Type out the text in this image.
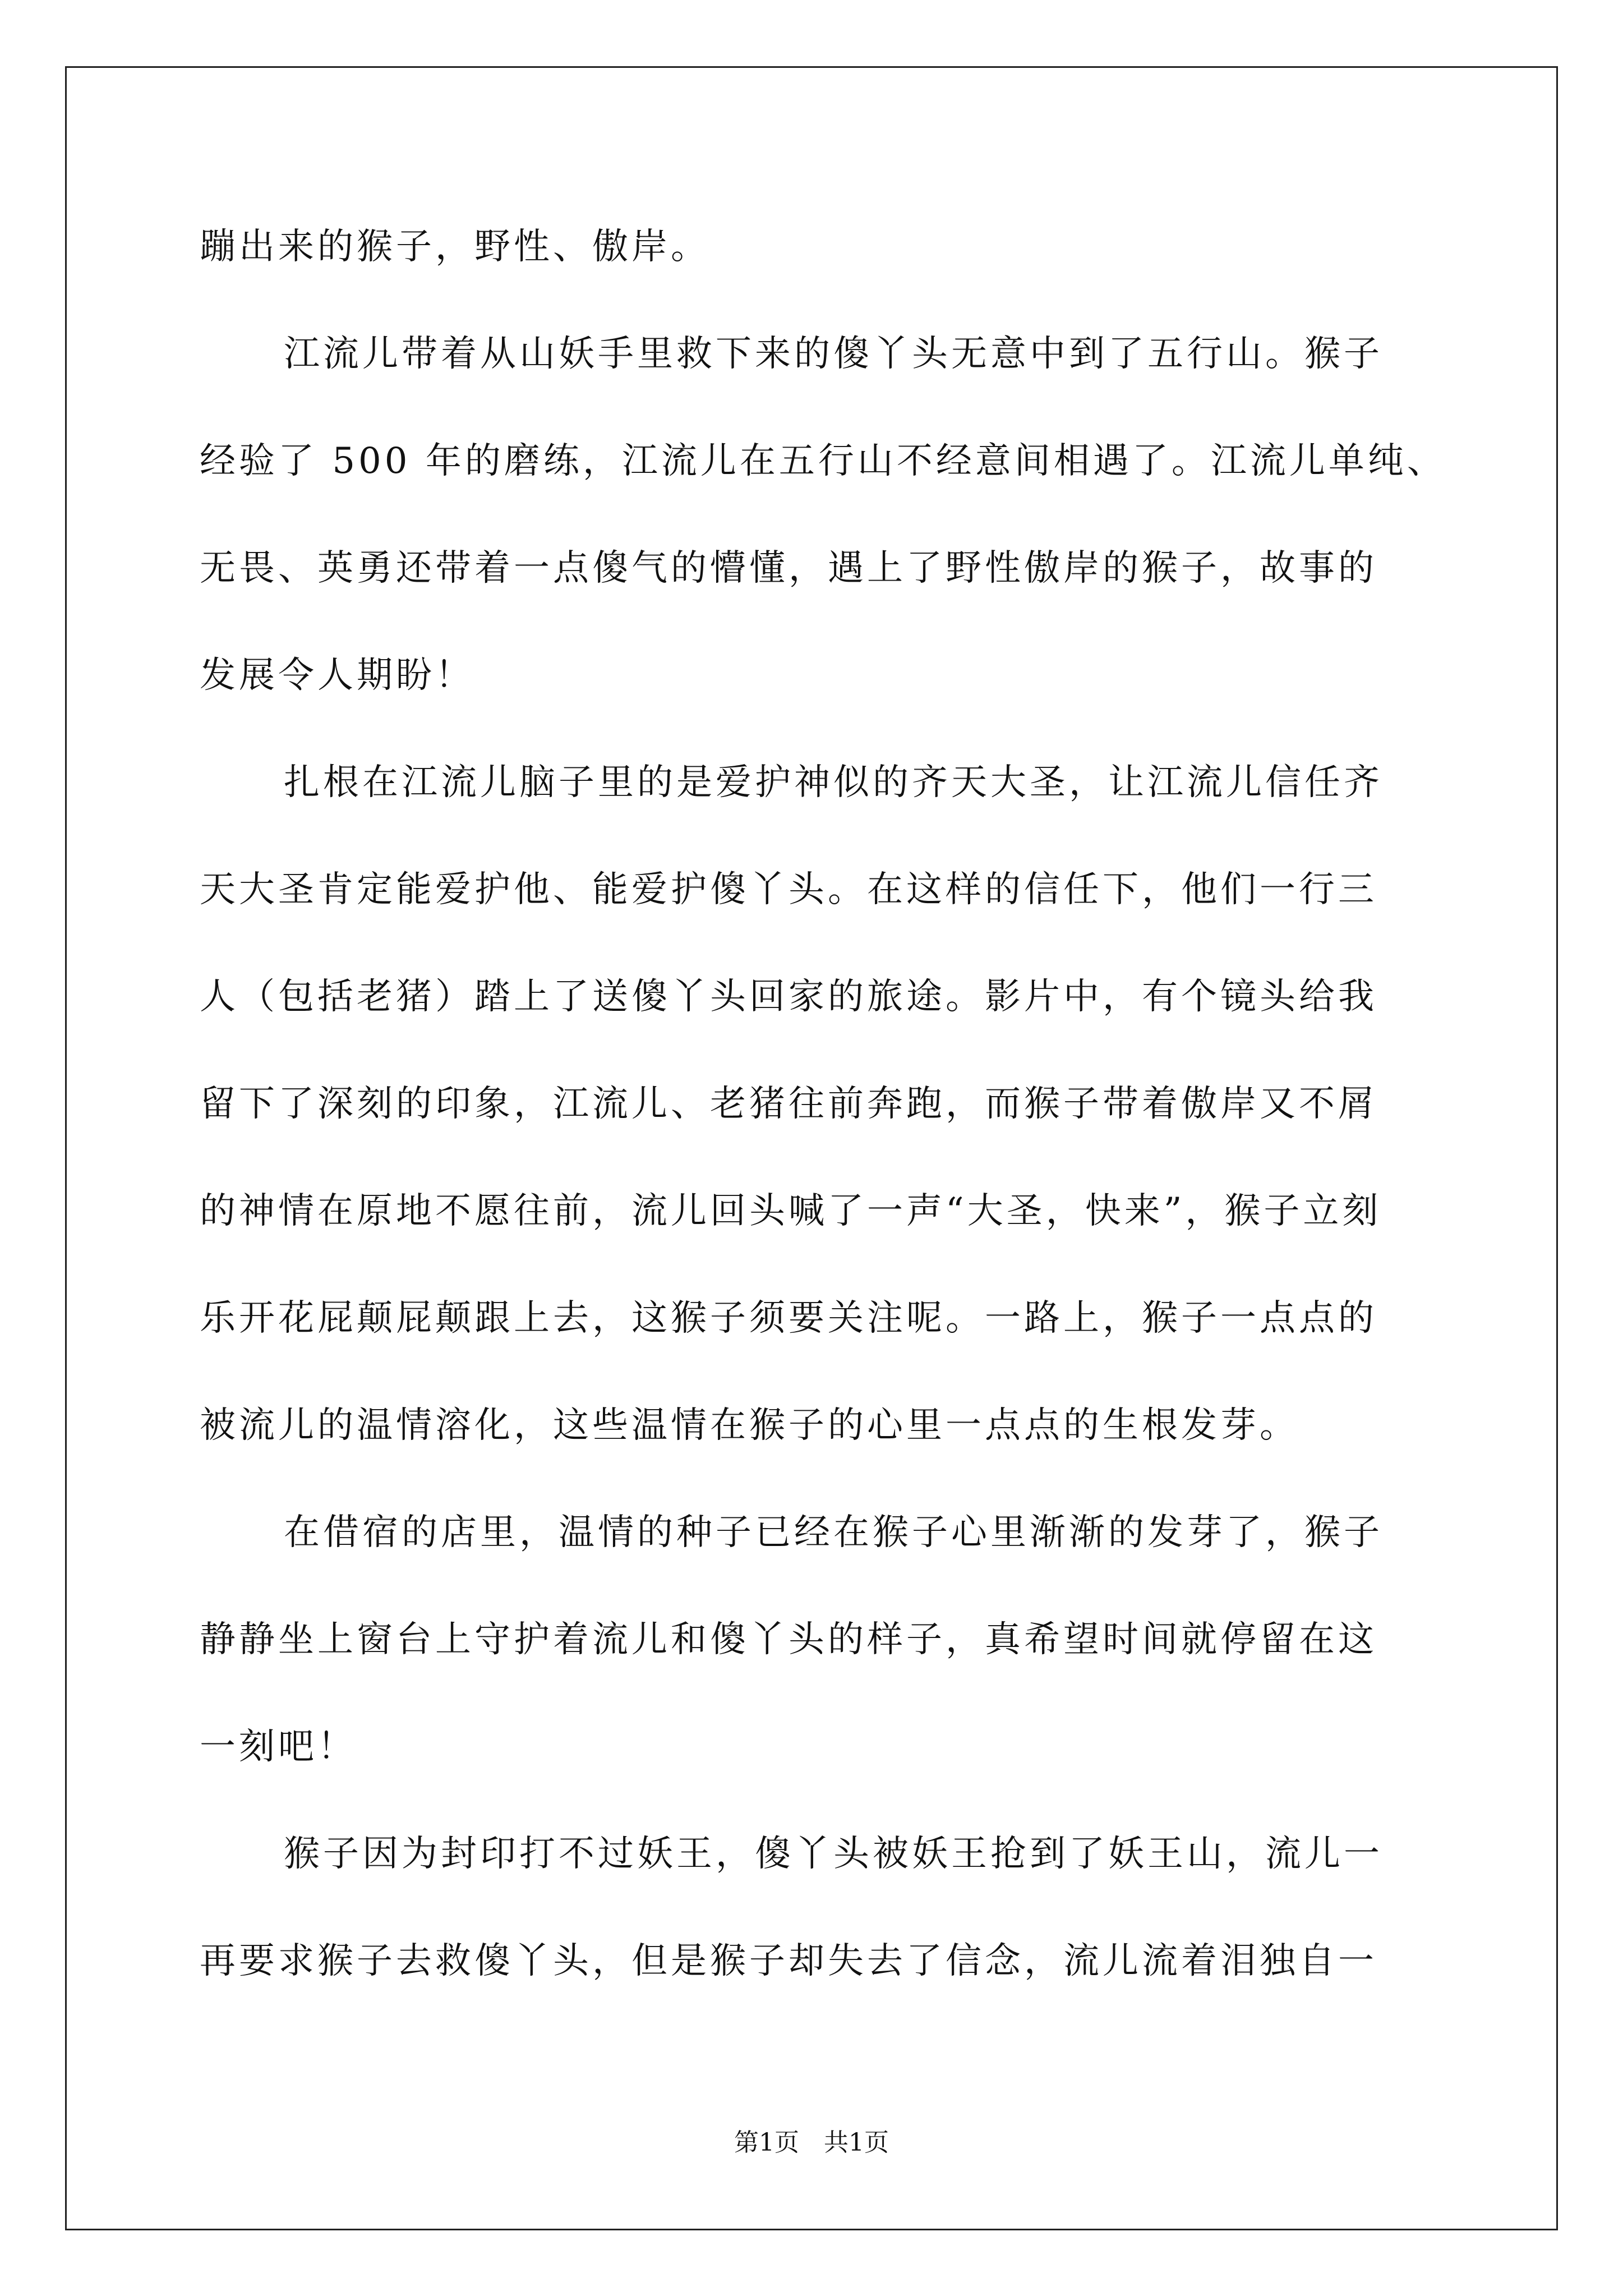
蹦出来的猴子，野性、傲岸。
江流儿带着从山妖手里救下来的傻丫头无意中到了五行山。猴子
经验了 500 年的磨练，江流儿在五行山不经意间相遇了。江流儿单纯、
无畏、英勇还带着一点傻气的懵懂，遇上了野性傲岸的猴子，故事的
发展令人期盼！
扎根在江流儿脑子里的是爱护神似的齐天大圣，让江流儿信任齐
天大圣肯定能爱护他、能爱护傻丫头。在这样的信任下，他们一行三
人（包括老猪）踏上了送傻丫头回家的旅途。影片中，有个镜头给我
留下了深刻的印象，江流儿、老猪往前奔跑，而猴子带着傲岸又不屑
的神情在原地不愿往前，流儿回头喊了一声“大圣，快来”，猴子立刻
乐开花屁颠屁颠跟上去，这猴子须要关注呢。一路上，猴子一点点的
被流儿的温情溶化，这些温情在猴子的心里一点点的生根发芽。
在借宿的店里，温情的种子已经在猴子心里渐渐的发芽了，猴子
静静坐上窗台上守护着流儿和傻丫头的样子，真希望时间就停留在这
一刻吧！
猴子因为封印打不过妖王，傻丫头被妖王抢到了妖王山，流儿一
再要求猴子去救傻丫头，但是猴子却失去了信念，流儿流着泪独自一
第1页　共1页
